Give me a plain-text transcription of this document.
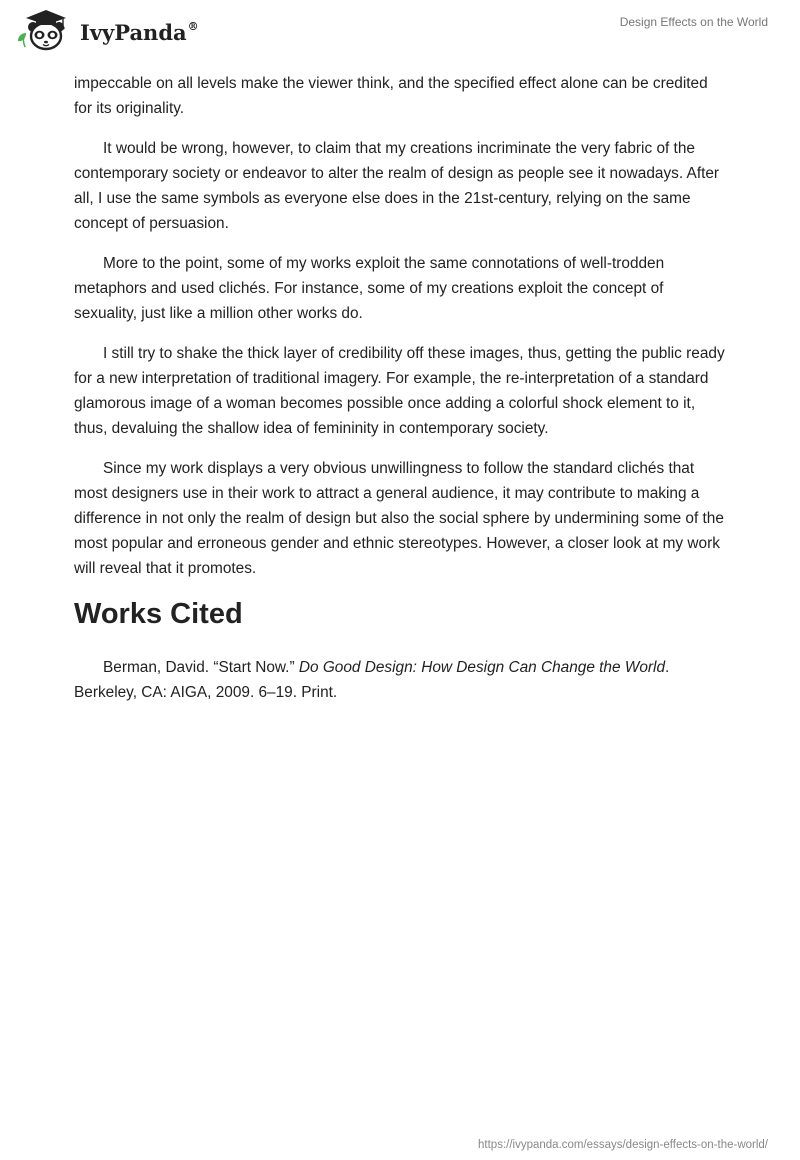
IvyPanda®	Design Effects on the World

impeccable on all levels make the viewer think, and the specified effect alone can be credited for its originality.

It would be wrong, however, to claim that my creations incriminate the very fabric of the contemporary society or endeavor to alter the realm of design as people see it nowadays. After all, I use the same symbols as everyone else does in the 21st-century, relying on the same concept of persuasion.

More to the point, some of my works exploit the same connotations of well-trodden metaphors and used clichés. For instance, some of my creations exploit the concept of sexuality, just like a million other works do.

I still try to shake the thick layer of credibility off these images, thus, getting the public ready for a new interpretation of traditional imagery. For example, the re-interpretation of a standard glamorous image of a woman becomes possible once adding a colorful shock element to it, thus, devaluing the shallow idea of femininity in contemporary society.

Since my work displays a very obvious unwillingness to follow the standard clichés that most designers use in their work to attract a general audience, it may contribute to making a difference in not only the realm of design but also the social sphere by undermining some of the most popular and erroneous gender and ethnic stereotypes. However, a closer look at my work will reveal that it promotes.

Works Cited

Berman, David. “Start Now.” Do Good Design: How Design Can Change the World. Berkeley, CA: AIGA, 2009. 6–19. Print.

https://ivypanda.com/essays/design-effects-on-the-world/
